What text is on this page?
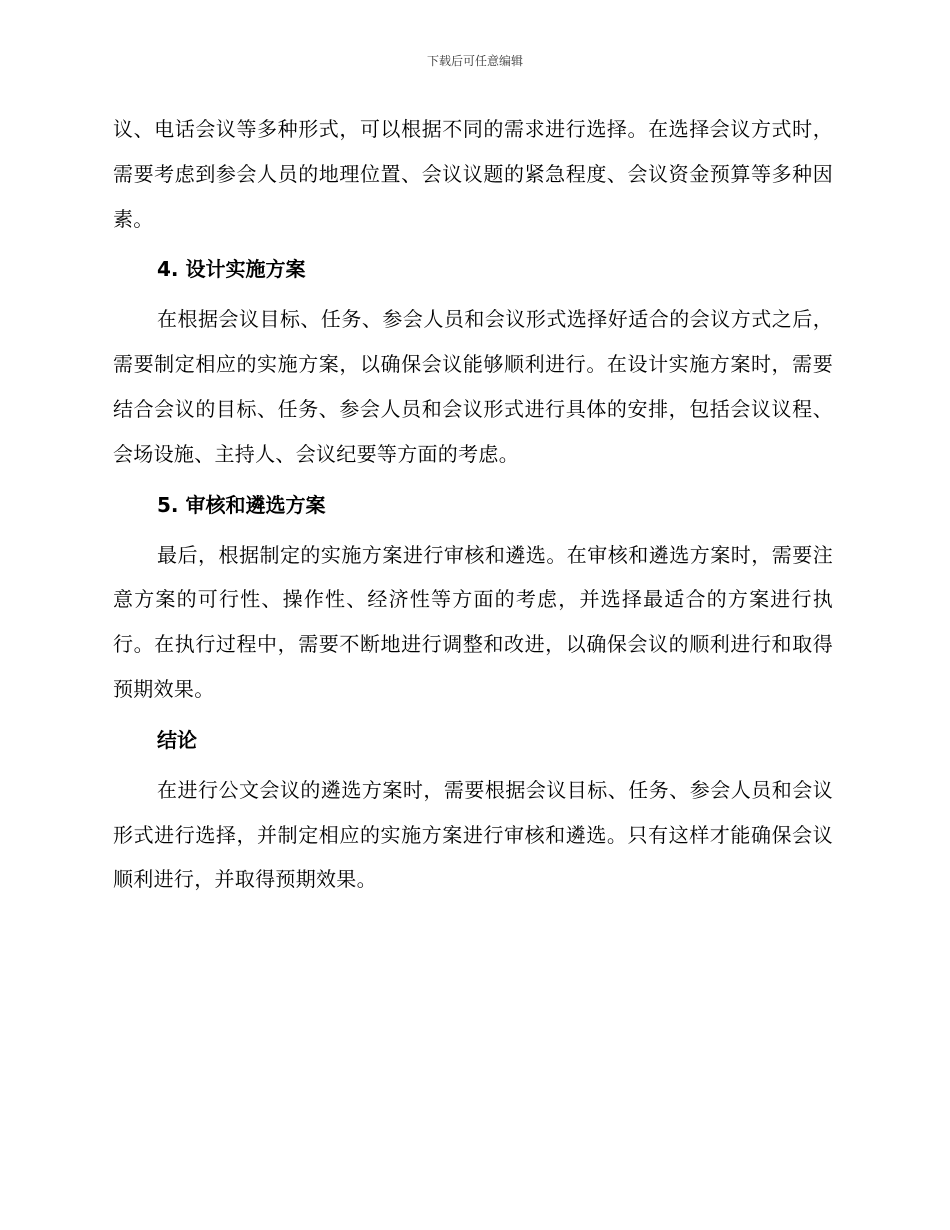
下载后可任意编辑

议、电话会议等多种形式，可以根据不同的需求进行选择。在选择会议方式时，需要考虑到参会人员的地理位置、会议议题的紧急程度、会议资金预算等多种因素。

4. 设计实施方案

在根据会议目标、任务、参会人员和会议形式选择好适合的会议方式之后，需要制定相应的实施方案，以确保会议能够顺利进行。在设计实施方案时，需要结合会议的目标、任务、参会人员和会议形式进行具体的安排，包括会议议程、会场设施、主持人、会议纪要等方面的考虑。

5. 审核和遴选方案

最后，根据制定的实施方案进行审核和遴选。在审核和遴选方案时，需要注意方案的可行性、操作性、经济性等方面的考虑，并选择最适合的方案进行执行。在执行过程中，需要不断地进行调整和改进，以确保会议的顺利进行和取得预期效果。

结论

在进行公文会议的遴选方案时，需要根据会议目标、任务、参会人员和会议形式进行选择，并制定相应的实施方案进行审核和遴选。只有这样才能确保会议顺利进行，并取得预期效果。
